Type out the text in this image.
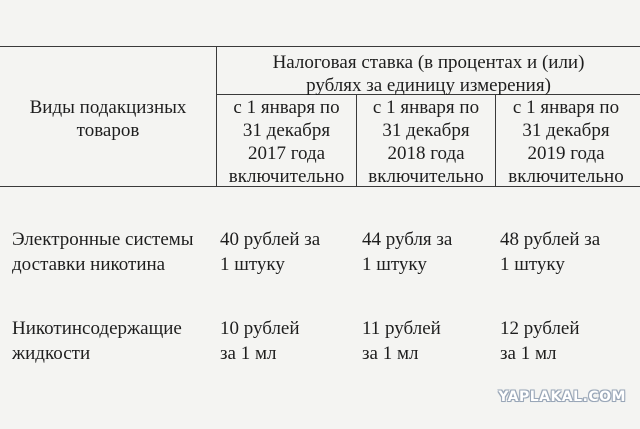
Виды подакцизных
товаров
Налоговая ставка (в процентах и (или)
рублях за единицу измерения)
с 1 января по
31 декабря
2017 года
включительно
с 1 января по
31 декабря
2018 года
включительно
с 1 января по
31 декабря
2019 года
включительно
Электронные системы
доставки никотина
40 рублей за
1 штуку
44 рубля за
1 штуку
48 рублей за
1 штуку
Никотинсодержащие
жидкости
10 рублей
за 1 мл
11 рублей
за 1 мл
12 рублей
за 1 мл
YAPLAKAL.COM
